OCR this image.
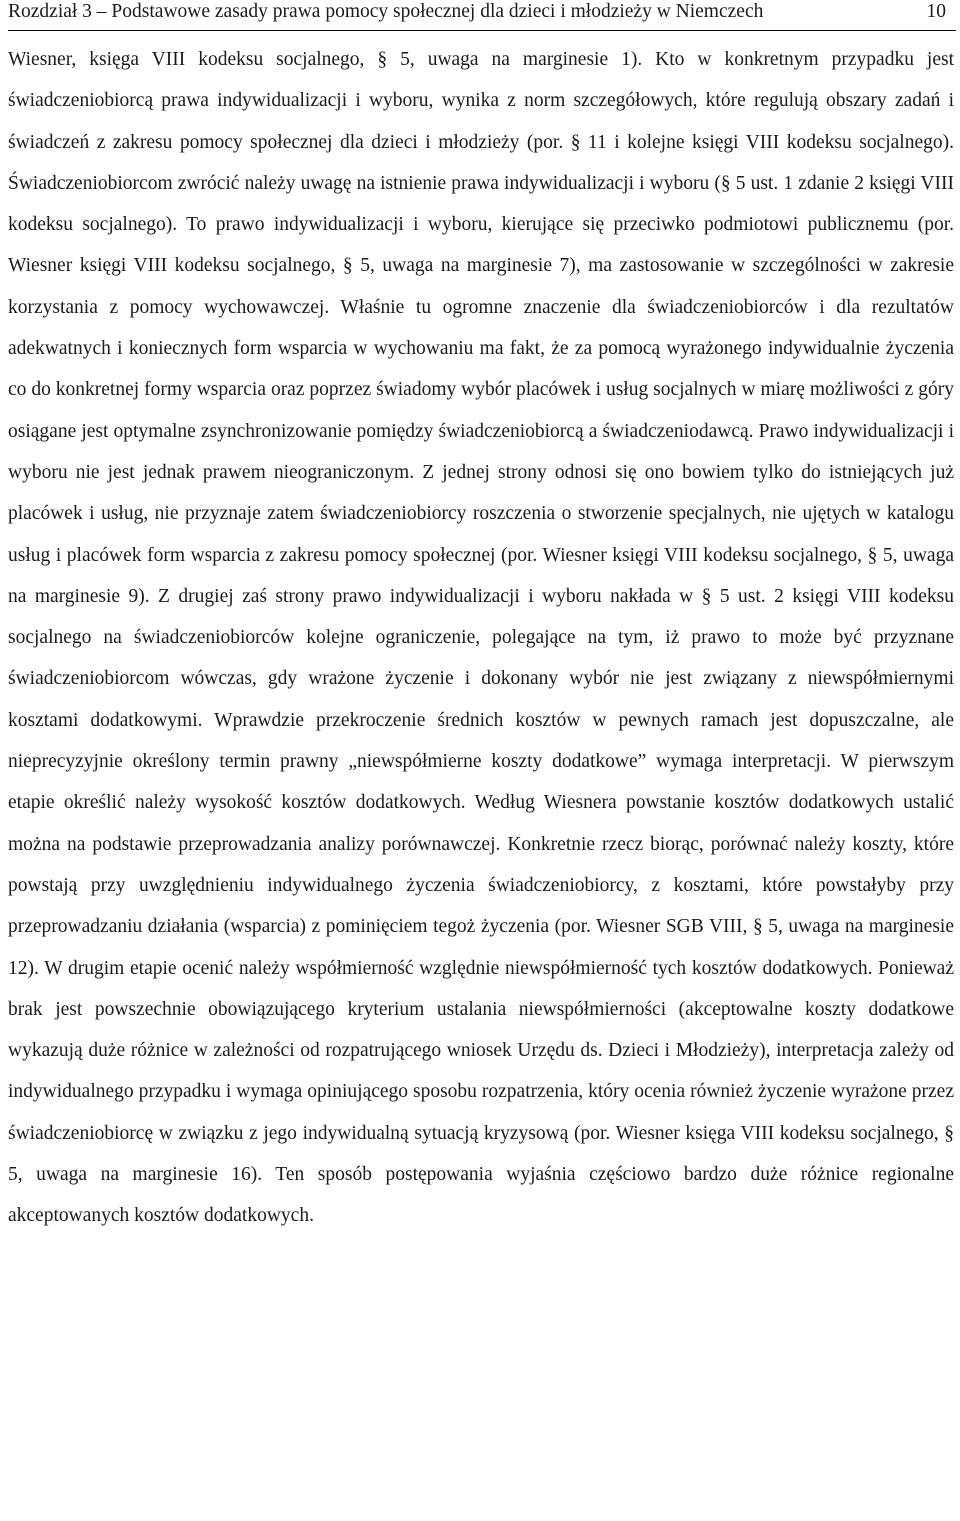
Rozdział 3 – Podstawowe zasady prawa pomocy społecznej dla dzieci i młodzieży w Niemczech	10

Wiesner, księga VIII kodeksu socjalnego, § 5, uwaga na marginesie 1). Kto w konkretnym przypadku jest świadczeniobiorcą prawa indywidualizacji i wyboru, wynika z norm szczegółowych, które regulują obszary zadań i świadczeń z zakresu pomocy społecznej dla dzieci i młodzieży (por. § 11 i kolejne księgi VIII kodeksu socjalnego). Świadczeniobiorcom zwrócić należy uwagę na istnienie prawa indywidualizacji i wyboru (§ 5 ust. 1 zdanie 2 księgi VIII kodeksu socjalnego). To prawo indywidualizacji i wyboru, kierujące się przeciwko podmiotowi publicznemu (por. Wiesner księgi VIII kodeksu socjalnego, § 5, uwaga na marginesie 7), ma zastosowanie w szczególności w zakresie korzystania z pomocy wychowawczej. Właśnie tu ogromne znaczenie dla świadczeniobiorców i dla rezultatów adekwatnych i koniecznych form wsparcia w wychowaniu ma fakt, że za pomocą wyrażonego indywidualnie życzenia co do konkretnej formy wsparcia oraz poprzez świadomy wybór placówek i usług socjalnych w miarę możliwości z góry osiągane jest optymalne zsynchronizowanie pomiędzy świadczeniobiorcą a świadczeniodawcą. Prawo indywidualizacji i wyboru nie jest jednak prawem nieograniczonym. Z jednej strony odnosi się ono bowiem tylko do istniejących już placówek i usług, nie przyznaje zatem świadczeniobiorcy roszczenia o stworzenie specjalnych, nie ujętych w katalogu usług i placówek form wsparcia z zakresu pomocy społecznej (por. Wiesner księgi VIII kodeksu socjalnego, § 5, uwaga na marginesie 9). Z drugiej zaś strony prawo indywidualizacji i wyboru nakłada w § 5 ust. 2 księgi VIII kodeksu socjalnego na świadczeniobiorców kolejne ograniczenie, polegające na tym, iż prawo to może być przyznane świadczeniobiorcom wówczas, gdy wrażone życzenie i dokonany wybór nie jest związany z niewspółmiernymi kosztami dodatkowymi. Wprawdzie przekroczenie średnich kosztów w pewnych ramach jest dopuszczalne, ale nieprecyzyjnie określony termin prawny „niewspółmierne koszty dodatkowe” wymaga interpretacji. W pierwszym etapie określić należy wysokość kosztów dodatkowych. Według Wiesnera powstanie kosztów dodatkowych ustalić można na podstawie przeprowadzania analizy porównawczej. Konkretnie rzecz biorąc, porównać należy koszty, które powstają przy uwzględnieniu indywidualnego życzenia świadczeniobiorcy, z kosztami, które powstałyby przy przeprowadzaniu działania (wsparcia) z pominięciem tegoż życzenia (por. Wiesner SGB VIII, § 5, uwaga na marginesie 12). W drugim etapie ocenić należy współmierność względnie niewspółmierność tych kosztów dodatkowych. Ponieważ brak jest powszechnie obowiązującego kryterium ustalania niewspółmierności (akceptowalne koszty dodatkowe wykazują duże różnice w zależności od rozpatrującego wniosek Urzędu ds. Dzieci i Młodzieży), interpretacja zależy od indywidualnego przypadku i wymaga opiniującego sposobu rozpatrzenia, który ocenia również życzenie wyrażone przez świadczeniobiorcę w związku z jego indywidualną sytuacją kryzysową (por. Wiesner księga VIII kodeksu socjalnego, § 5, uwaga na marginesie 16). Ten sposób postępowania wyjaśnia częściowo bardzo duże różnice regionalne akceptowanych kosztów dodatkowych.
